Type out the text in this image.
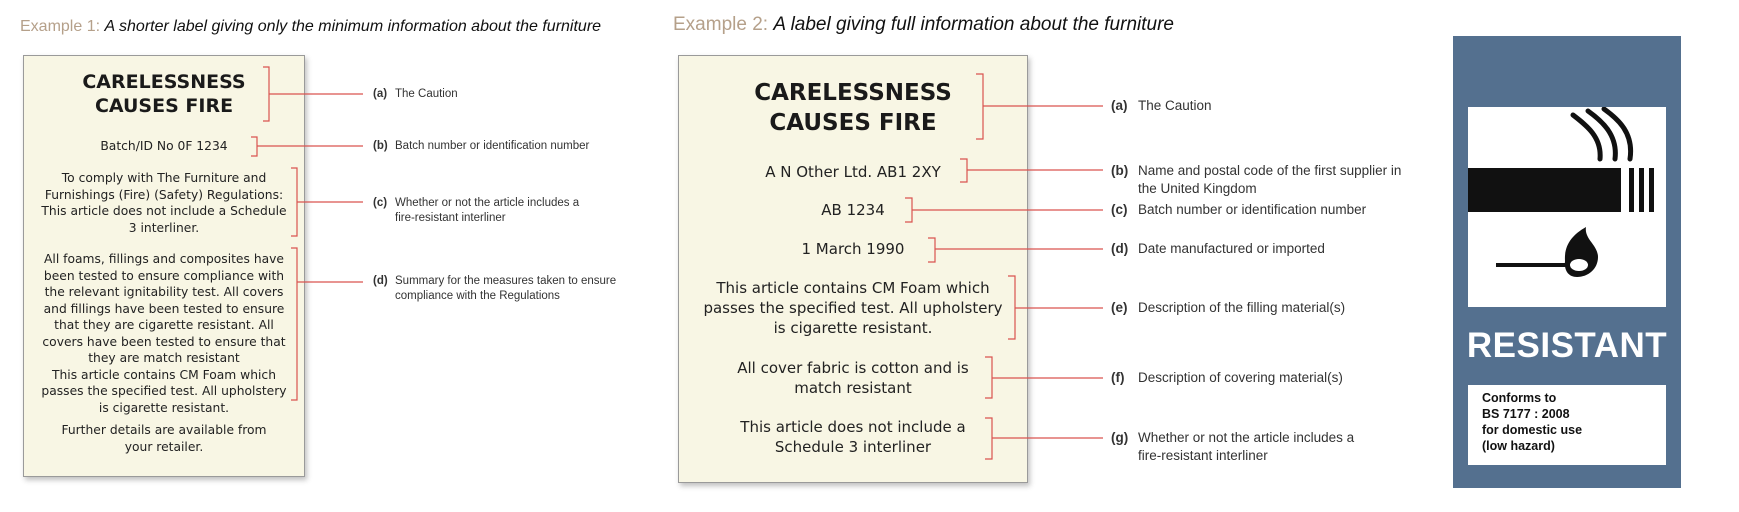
Example 1: A shorter label giving only the minimum information about the furniture	Example 2: A label giving full information about the furniture
CARELESSNESS
CAUSES FIRE
Batch/ID No 0F 1234
To comply with The Furniture and
Furnishings (Fire) (Safety) Regulations:
This article does not include a Schedule
3 interliner.
All foams, fillings and composites have
been tested to ensure compliance with
the relevant ignitability test. All covers
and fillings have been tested to ensure
that they are cigarette resistant. All
covers have been tested to ensure that
they are match resistant
This article contains CM Foam which
passes the specified test. All upholstery
is cigarette resistant.
Further details are available from
your retailer.
CARELESSNESS
CAUSES FIRE
A N Other Ltd. AB1 2XY
AB 1234
1 March 1990
This article contains CM Foam which
passes the specified test. All upholstery
is cigarette resistant.
All cover fabric is cotton and is
match resistant
This article does not include a
Schedule 3 interliner
(a) The Caution
(b) Batch number or identification number
(c) Whether or not the article includes a
fire-resistant interliner
(d) Summary for the measures taken to ensure
compliance with the Regulations
(a) The Caution
(b) Name and postal code of the first supplier in
the United Kingdom
(c) Batch number or identification number
(d) Date manufactured or imported
(e) Description of the filling material(s)
(f) Description of covering material(s)
(g) Whether or not the article includes a
fire-resistant interliner
RESISTANT
Conforms to
BS 7177 : 2008
for domestic use
(low hazard)
